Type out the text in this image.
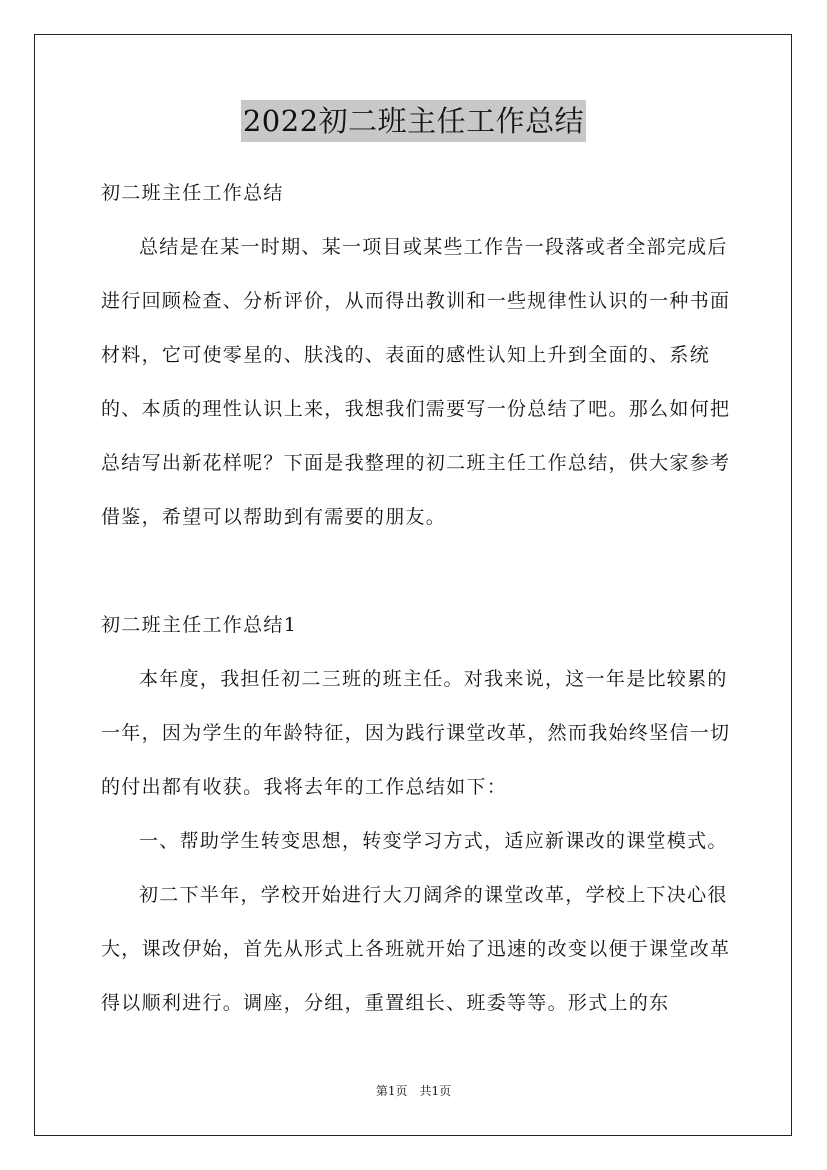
2022初二班主任工作总结

初二班主任工作总结

总结是在某一时期、某一项目或某些工作告一段落或者全部完成后进行回顾检查、分析评价，从而得出教训和一些规律性认识的一种书面材料，它可使零星的、肤浅的、表面的感性认知上升到全面的、系统的、本质的理性认识上来，我想我们需要写一份总结了吧。那么如何把总结写出新花样呢？下面是我整理的初二班主任工作总结，供大家参考借鉴，希望可以帮助到有需要的朋友。

初二班主任工作总结1

本年度，我担任初二三班的班主任。对我来说，这一年是比较累的一年，因为学生的年龄特征，因为践行课堂改革，然而我始终坚信一切的付出都有收获。我将去年的工作总结如下：

一、帮助学生转变思想，转变学习方式，适应新课改的课堂模式。

初二下半年，学校开始进行大刀阔斧的课堂改革，学校上下决心很大，课改伊始，首先从形式上各班就开始了迅速的改变以便于课堂改革得以顺利进行。调座，分组，重置组长、班委等等。形式上的东

第1页　共1页
